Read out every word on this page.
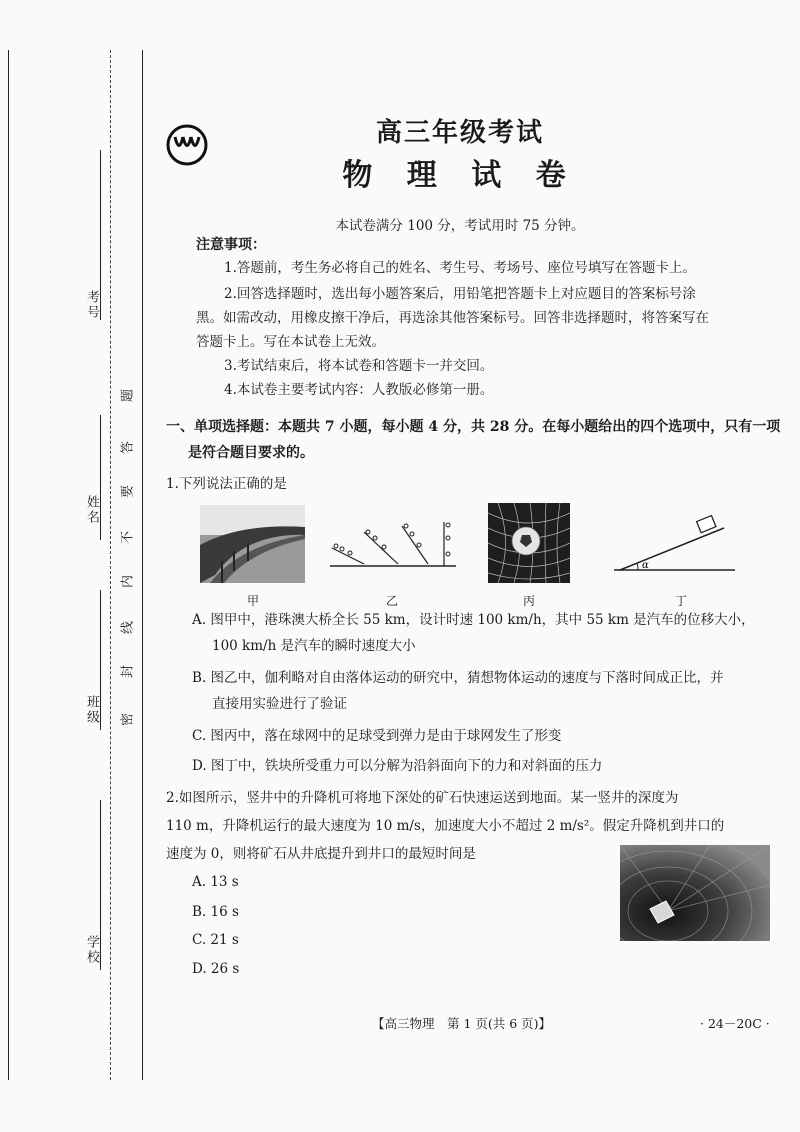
考号
姓名
班级
学校
密
封
线
内
不
要
答
题
高三年级考试
物 理 试 卷
本试卷满分 100 分，考试用时 75 分钟。
注意事项：
1.答题前，考生务必将自己的姓名、考生号、考场号、座位号填写在答题卡上。
2.回答选择题时，选出每小题答案后，用铅笔把答题卡上对应题目的答案标号涂
黑。如需改动，用橡皮擦干净后，再选涂其他答案标号。回答非选择题时，将答案写在
答题卡上。写在本试卷上无效。
3.考试结束后，将本试卷和答题卡一并交回。
4.本试卷主要考试内容：人教版必修第一册。
一、单项选择题：本题共 7 小题，每小题 4 分，共 28 分。在每小题给出的四个选项中，只有一项
是符合题目要求的。
1.下列说法正确的是
甲	乙	丙
α
丁
A. 图甲中，港珠澳大桥全长 55 km，设计时速 100 km/h，其中 55 km 是汽车的位移大小，
100 km/h 是汽车的瞬时速度大小
B. 图乙中，伽利略对自由落体运动的研究中，猜想物体运动的速度与下落时间成正比，并
直接用实验进行了验证
C. 图丙中，落在球网中的足球受到弹力是由于球网发生了形变
D. 图丁中，铁块所受重力可以分解为沿斜面向下的力和对斜面的压力
2.如图所示，竖井中的升降机可将地下深处的矿石快速运送到地面。某一竖井的深度为
110 m，升降机运行的最大速度为 10 m/s，加速度大小不超过 2 m/s²。假定升降机到井口的
速度为 0，则将矿石从井底提升到井口的最短时间是
A. 13 s
B. 16 s
C. 21 s
D. 26 s
【高三物理　第 1 页(共 6 页)】	· 24－20C ·
